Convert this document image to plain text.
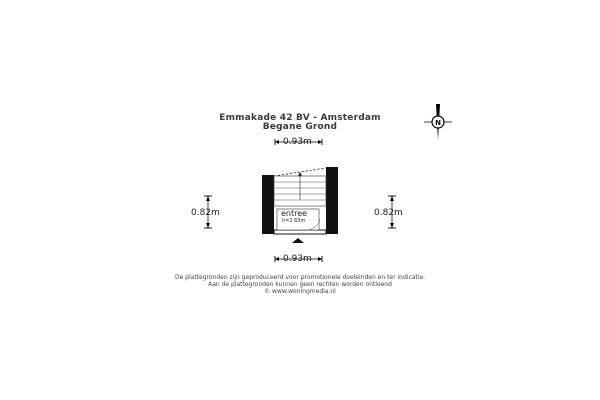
Emmakade 42 BV - Amsterdam
Begane Grond	N
entree
h=2.63m
0.93m
0.93m
0.82m	0.82m
De plattegronden zijn geproduceerd voor promotionele doeleinden en ter indicatie.
Aan de plattegronden kunnen geen rechten worden ontleend
© www.woningmedia.nl
